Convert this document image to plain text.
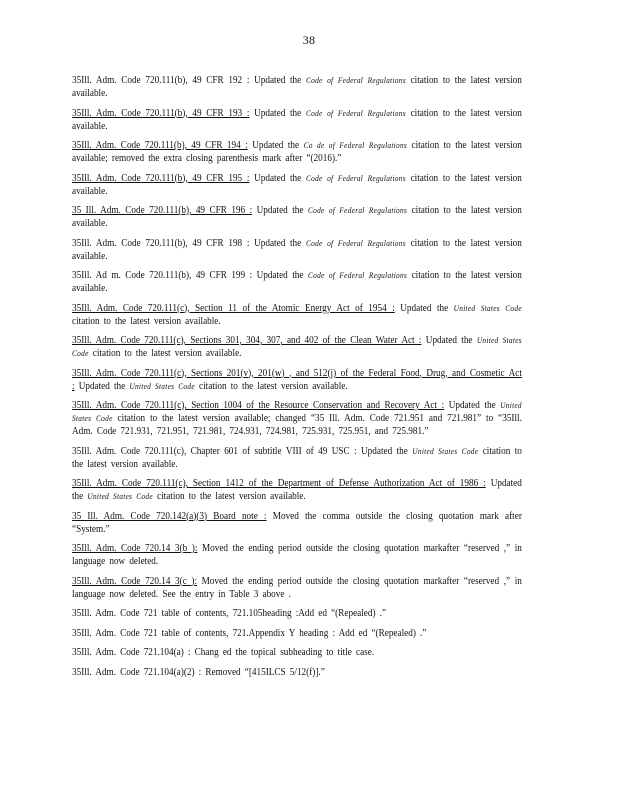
38
35Ill. Adm. Code 720.111(b), 49 CFR 192 : Updated the Code of Federal Regulations citation to the latest version available.
35Ill. Adm. Code 720.111(b), 49 CFR 193 : Updated the Code of Federal Regulations citation to the latest version available.
35Ill. Adm. Code 720.111(b), 49 CFR 194 : Updated the Co de of Federal Regulations citation to the latest version available; removed the extra closing parenthesis mark after “(2016).”
35Ill. Adm. Code 720.111(b), 49 CFR 195 : Updated the Code of Federal Regulations citation to the latest version available.
35 Ill. Adm. Code 720.111(b), 49 CFR 196 : Updated the Code of Federal Regulations citation to the latest version available.
35Ill. Adm. Code 720.111(b), 49 CFR 198 : Updated the Code of Federal Regulations citation to the latest version available.
35Ill. Ad m. Code 720.111(b), 49 CFR 199 : Updated the Code of Federal Regulations citation to the latest version available.
35Ill. Adm. Code 720.111(c), Section 11 of the Atomic Energy Act of 1954 : Updated the United States Code citation to the latest version available.
35Ill. Adm. Code 720.111(c), Sections 301, 304, 307, and 402 of the Clean Water Act : Updated the United States Code citation to the latest version available.
35Ill. Adm. Code 720.111(c), Sections 201(v), 201(w) , and 512(j) of the Federal Food, Drug, and Cosmetic Act : Updated the United States Code citation to the latest version available.
35Ill. Adm. Code 720.111(c), Section 1004 of the Resource Conservation and Recovery Act : Updated the United States Code citation to the latest version available; changed “35 Ill. Adm. Code 721.951 and 721.981” to “35Ill. Adm. Code 721.931, 721.951, 721.981, 724.931, 724.981, 725.931, 725.951, and 725.981.”
35Ill. Adm. Code 720.111(c), Chapter 601 of subtitle VIII of 49 USC : Updated the United States Code citation to the latest version available.
35Ill. Adm. Code 720.111(c), Section 1412 of the Department of Defense Authorization Act of 1986 : Updated the United States Code citation to the latest version available.
35 Ill. Adm. Code 720.142(a)(3) Board note : Moved the comma outside the closing quotation mark after “System.”
35Ill. Adm. Code 720.14 3(b ): Moved the ending period outside the closing quotation markafter “reserved ,” in language now deleted.
35Ill. Adm. Code 720.14 3(c ): Moved the ending period outside the closing quotation markafter “reserved ,” in language now deleted. See the entry in Table 3 above .
35Ill. Adm. Code 721 table of contents, 721.105heading :Add ed “(Repealed) .”
35Ill. Adm. Code 721 table of contents, 721.Appendix Y heading : Add ed “(Repealed) .”
35Ill. Adm. Code 721.104(a) : Chang ed the topical subheading to title case.
35Ill. Adm. Code 721.104(a)(2) : Removed “[415ILCS 5/12(f)].”
